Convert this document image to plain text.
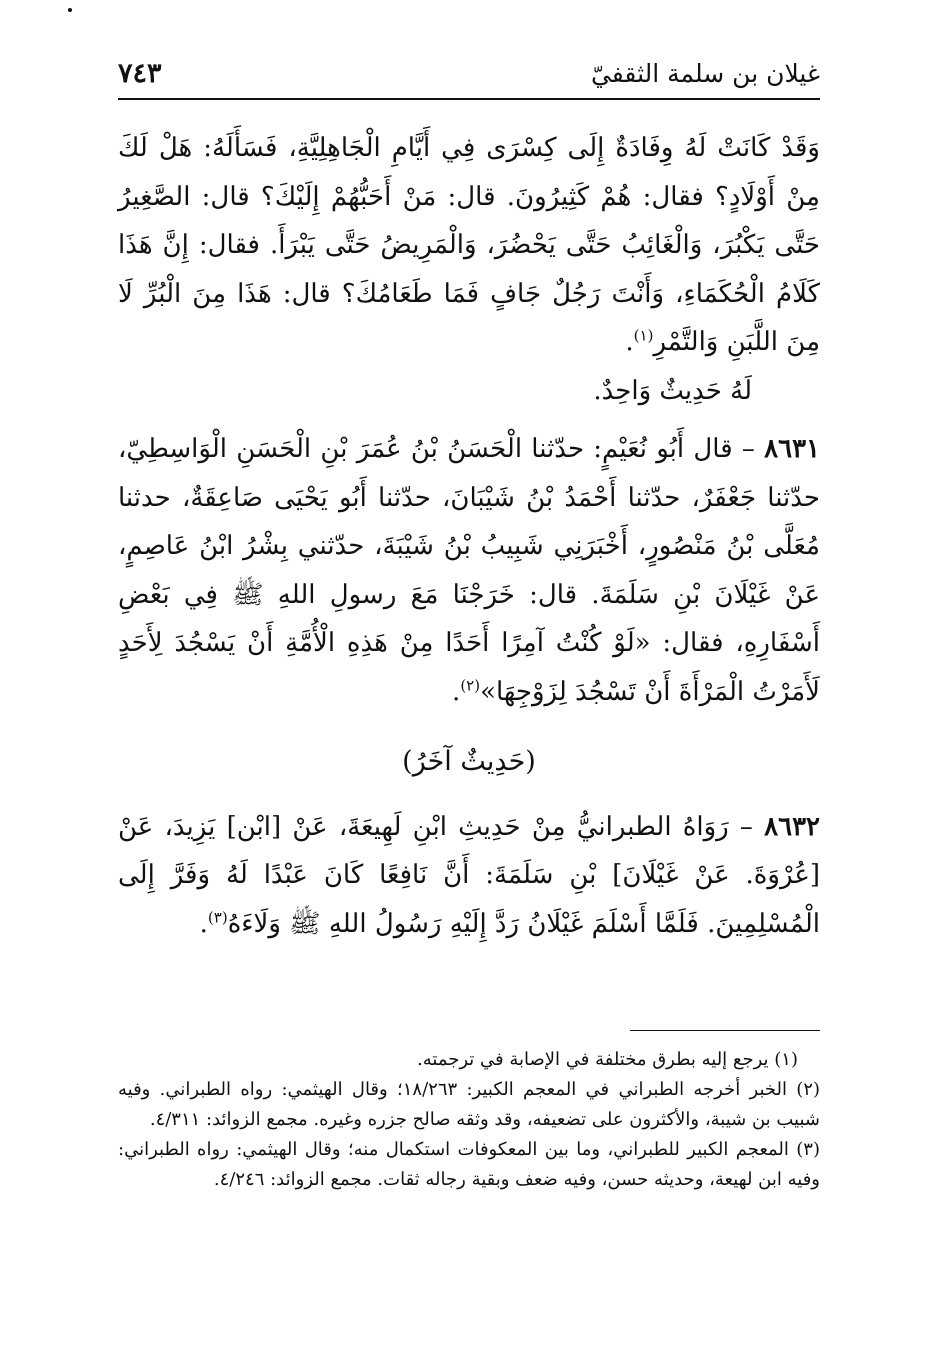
غيلان بن سلمة الثقفيّ
٧٤٣

وَقَدْ كَانَتْ لَهُ وِفَادَةٌ إِلَى كِسْرَى فِي أَيَّامِ الْجَاهِلِيَّةِ، فَسَأَلَهُ: هَلْ لَكَ مِنْ أَوْلَادٍ؟ فقال: هُمْ كَثِيرُونَ. قال: مَنْ أَحَبُّهُمْ إِلَيْكَ؟ قال: الصَّغِيرُ حَتَّى يَكْبُرَ، وَالْغَائِبُ حَتَّى يَحْضُرَ، وَالْمَرِيضُ حَتَّى يَبْرَأَ. فقال: إِنَّ هَذَا كَلَامُ الْحُكَمَاءِ، وَأَنْتَ رَجُلٌ جَافٍ فَمَا طَعَامُكَ؟ قال: هَذَا مِنَ الْبُرِّ لَا مِنَ اللَّبَنِ وَالتَّمْرِ$^{(١)}$.

لَهُ حَدِيثٌ وَاحِدٌ.

٨٦٣١ – قال أَبُو نُعَيْمٍ: حدّثنا الْحَسَنُ بْنُ عُمَرَ بْنِ الْحَسَنِ الْوَاسِطِيّ، حدّثنا جَعْفَرٌ، حدّثنا أَحْمَدُ بْنُ شَيْبَانَ، حدّثنا أَبُو يَحْيَى صَاعِقَةٌ، حدثنا مُعَلَّى بْنُ مَنْصُورٍ، أَخْبَرَنِي شَبِيبُ بْنُ شَيْبَةَ، حدّثني بِشْرُ ابْنُ عَاصِمٍ، عَنْ غَيْلَانَ بْنِ سَلَمَةَ. قال: خَرَجْنَا مَعَ رسولِ اللهِ ﷺ فِي بَعْضِ أَسْفَارِهِ، فقال: «لَوْ كُنْتُ آمِرًا أَحَدًا مِنْ هَذِهِ الْأُمَّةِ أَنْ يَسْجُدَ لِأَحَدٍ لَأَمَرْتُ الْمَرْأَةَ أَنْ تَسْجُدَ لِزَوْجِهَا»$^{(٢)}$.

(حَدِيثٌ آخَرُ)

٨٦٣٢ – رَوَاهُ الطبرانيُّ مِنْ حَدِيثِ ابْنِ لَهِيعَةَ، عَنْ [ابْن] يَزِيدَ، عَنْ [عُرْوَةَ. عَنْ غَيْلَانَ] بْنِ سَلَمَةَ: أَنَّ نَافِعًا كَانَ عَبْدًا لَهُ وَفَرَّ إِلَى الْمُسْلِمِينَ. فَلَمَّا أَسْلَمَ غَيْلَانُ رَدَّ إِلَيْهِ رَسُولُ اللهِ ﷺ وَلَاءَهُ$^{(٣)}$.

(١) يرجع إليه بطرق مختلفة في الإصابة في ترجمته.

(٢) الخبر أخرجه الطبراني في المعجم الكبير: ١٨/٢٦٣؛ وقال الهيثمي: رواه الطبراني. وفيه شبيب بن شيبة، والأكثرون على تضعيفه، وقد وثقه صالح جزره وغيره. مجمع الزوائد: ٤/٣١١.

(٣) المعجم الكبير للطبراني، وما بين المعكوفات استكمال منه؛ وقال الهيثمي: رواه الطبراني: وفيه ابن لهيعة، وحديثه حسن، وفيه ضعف وبقية رجاله ثقات. مجمع الزوائد: ٤/٢٤٦.
